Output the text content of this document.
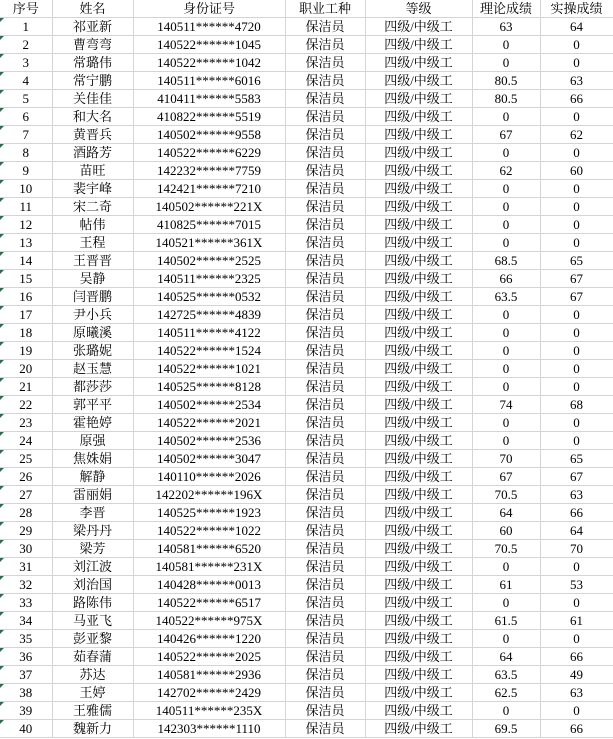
序号	姓名	身份证号	职业工种	等级	理论成绩	实操成绩

1	祁亚新	140511******4720	保洁员	四级/中级工	63	64

2	曹弯弯	140522******1045	保洁员	四级/中级工	0	0

3	常璐伟	140522******1042	保洁员	四级/中级工	0	0

4	常宁鹏	140511******6016	保洁员	四级/中级工	80.5	63

5	关佳佳	410411******5583	保洁员	四级/中级工	80.5	66

6	和大名	410822******5519	保洁员	四级/中级工	0	0

7	黄晋兵	140502******9558	保洁员	四级/中级工	67	62

8	酒路芳	140522******6229	保洁员	四级/中级工	0	0

9	苗旺	142232******7759	保洁员	四级/中级工	62	60

10	裴宇峰	142421******7210	保洁员	四级/中级工	0	0

11	宋二奇	140502******221X	保洁员	四级/中级工	0	0

12	帖伟	410825******7015	保洁员	四级/中级工	0	0

13	王程	140521******361X	保洁员	四级/中级工	0	0

14	王晋晋	140502******2525	保洁员	四级/中级工	68.5	65

15	吴静	140511******2325	保洁员	四级/中级工	66	67

16	闫晋鹏	140525******0532	保洁员	四级/中级工	63.5	67

17	尹小兵	142725******4839	保洁员	四级/中级工	0	0

18	原曦溪	140511******4122	保洁员	四级/中级工	0	0

19	张璐妮	140522******1524	保洁员	四级/中级工	0	0

20	赵玉慧	140522******1021	保洁员	四级/中级工	0	0

21	都莎莎	140525******8128	保洁员	四级/中级工	0	0

22	郭平平	140502******2534	保洁员	四级/中级工	74	68

23	霍艳婷	140522******2021	保洁员	四级/中级工	0	0

24	原强	140502******2536	保洁员	四级/中级工	0	0

25	焦姝娟	140502******3047	保洁员	四级/中级工	70	65

26	解静	140110******2026	保洁员	四级/中级工	67	67

27	雷丽娟	142202******196X	保洁员	四级/中级工	70.5	63

28	李晋	140525******1923	保洁员	四级/中级工	64	66

29	梁丹丹	140522******1022	保洁员	四级/中级工	60	64

30	梁芳	140581******6520	保洁员	四级/中级工	70.5	70

31	刘江波	140581******231X	保洁员	四级/中级工	0	0

32	刘治国	140428******0013	保洁员	四级/中级工	61	53

33	路陈伟	140522******6517	保洁员	四级/中级工	0	0

34	马亚飞	140522******975X	保洁员	四级/中级工	61.5	61

35	彭亚黎	140426******1220	保洁员	四级/中级工	0	0

36	茹春蒲	140522******2025	保洁员	四级/中级工	64	66

37	苏达	140581******2936	保洁员	四级/中级工	63.5	49

38	王婷	142702******2429	保洁员	四级/中级工	62.5	63

39	王雅儒	140511******235X	保洁员	四级/中级工	0	0

40	魏新力	142303******1110	保洁员	四级/中级工	69.5	66
